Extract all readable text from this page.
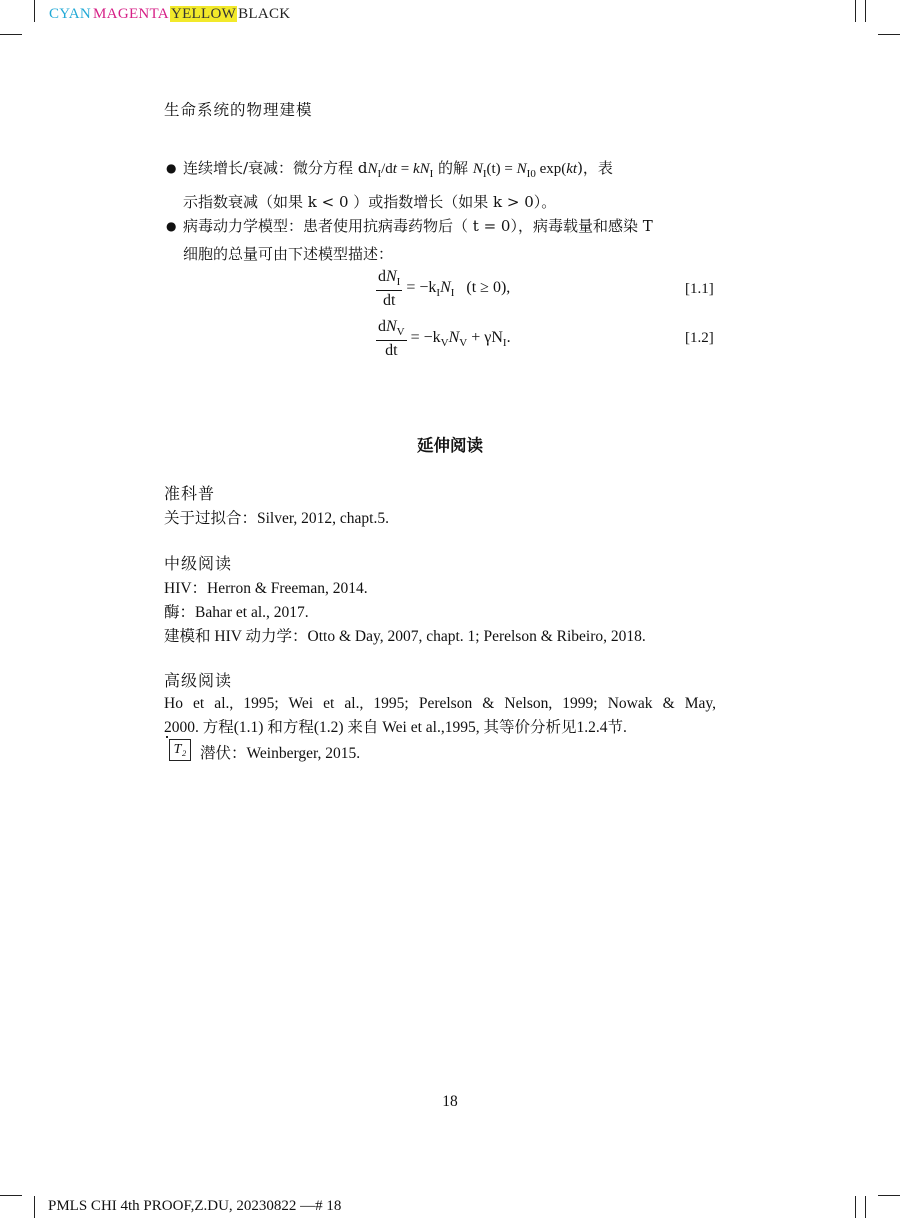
CYAN MAGENTA YELLOW BLACK
生命系统的物理建模
● 连续增长/衰减：微分方程 $dN_I/dt = kN_I$ 的解 $N_I(t) = N_{I0}$ exp(kt)，表
示指数衰减（如果 k < 0 ）或指数增长（如果 k > 0）。
● 病毒动力学模型：患者使用抗病毒药物后（ t = 0），病毒载量和感染 T
细胞的总量可由下述模型描述：
$\frac{dN_I}{dt} = -k_IN_I$ (t ≥ 0),	[1.1]
$\frac{dN_V}{dt} = -k_VN_V + \gamma N_I$.	[1.2]
延伸阅读
准科普
关于过拟合：Silver, 2012, chapt.5.
中级阅读
HIV：Herron & Freeman, 2014.
酶：Bahar et al., 2017.
建模和 HIV 动力学：Otto & Day, 2007, chapt. 1; Perelson & Ribeiro, 2018.
高级阅读
Ho et al., 1995; Wei et al., 1995; Perelson & Nelson, 1999; Nowak & May,
2000. 方程(1.1) 和方程(1.2) 来自 Wei et al.,1995, 其等价分析见1.2.4节.
T₂ 潜伏：Weinberger, 2015.
18
PMLS CHI 4th PROOF,Z.DU, 20230822 —# 18
